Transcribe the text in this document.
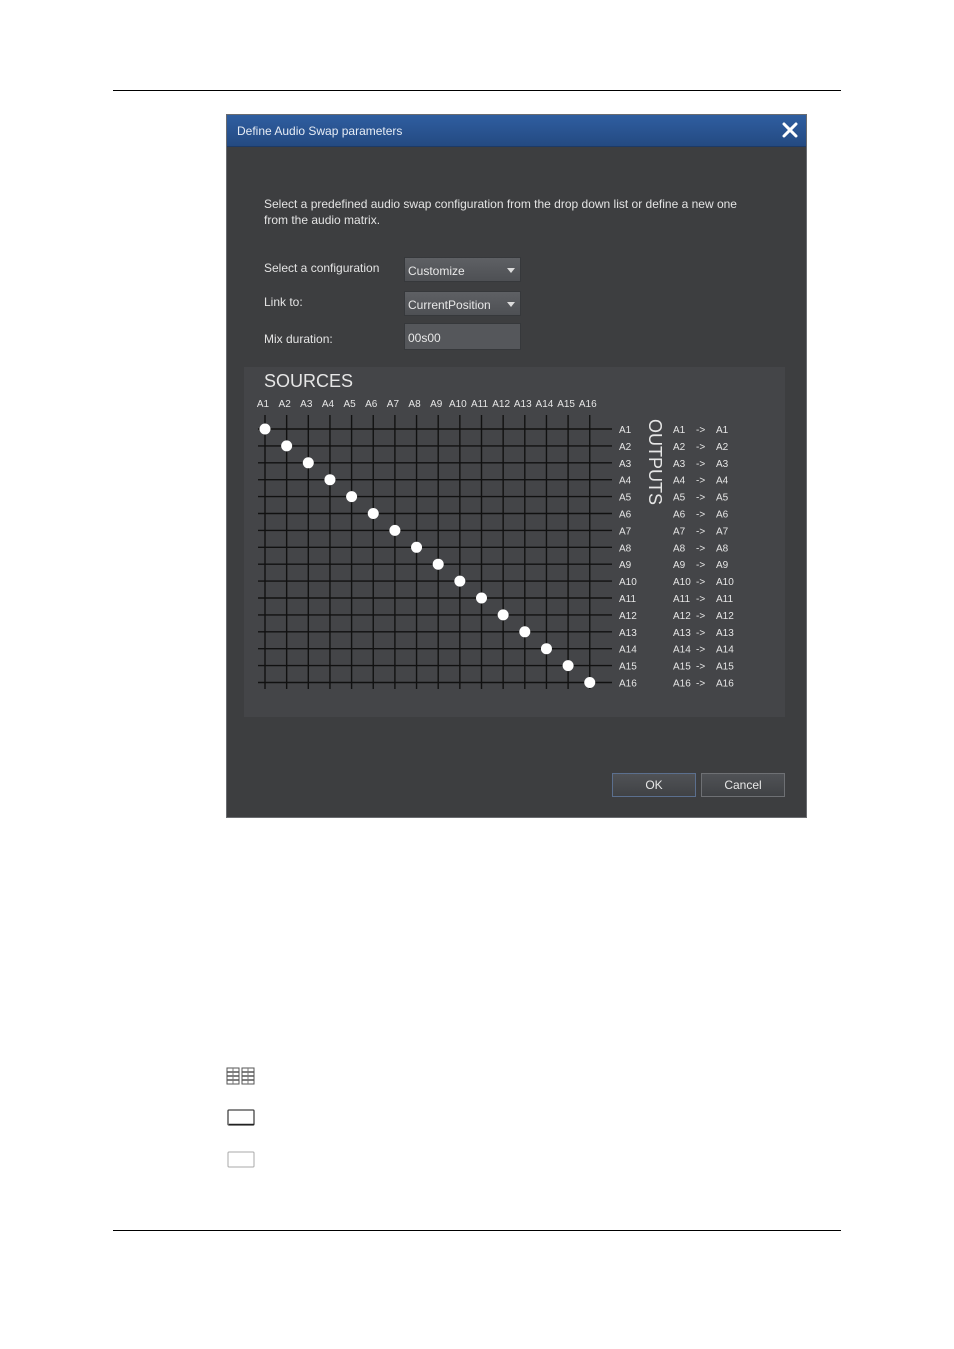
Define Audio Swap parameters
Select a predefined audio swap configuration from the drop down list or define a new one from the audio matrix.
Select a configuration	Customize
Link to:	CurrentPosition
Mix duration:
00s00
SOURCES
OUTPUTS
A1 A2 A3 A4 A5 A6 A7 A8 A9 A10 A11 A12 A13 A14 A15 A16
A1
A2
A3
A4
A5
A6
A7
A8
A9
A10
A11
A12
A13
A14
A15
A16
A1 -> A1
A2 -> A2
A3 -> A3
A4 -> A4
A5 -> A5
A6 -> A6
A7 -> A7
A8 -> A8
A9 -> A9
A10 -> A10
A11 -> A11
A12 -> A12
A13 -> A13
A14 -> A14
A15 -> A15
A16 -> A16
OK	Cancel
